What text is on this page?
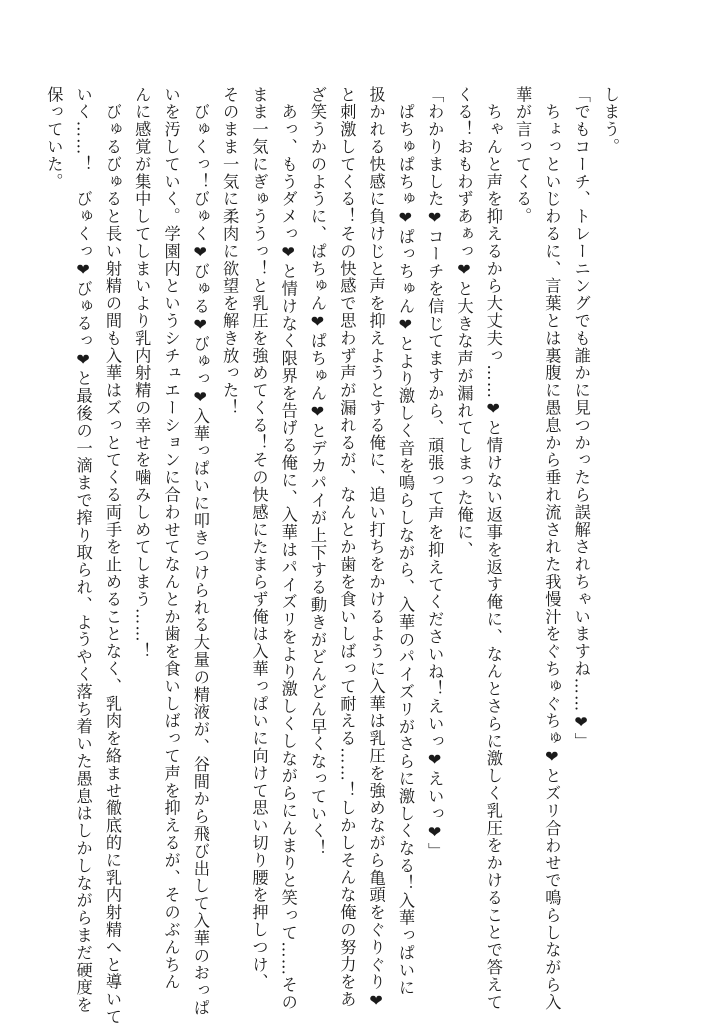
しまう。
「でもコーチ、トレーニングでも誰かに見つかったら誤解されちゃいますね……❤」
　ちょっといじわるに、言葉とは裏腹に愚息から垂れ流された我慢汁をぐちゅぐちゅ❤とズリ合わせで鳴らしながら入
華が言ってくる。
　ちゃんと声を抑えるから大丈夫っ……❤と情けない返事を返す俺に、なんとさらに激しく乳圧をかけることで答えて
くる！おもわずあぁっ❤と大きな声が漏れてしまった俺に、
「わかりました❤コーチを信じてますから、頑張って声を抑えてくださいね！えいっ❤えいっ❤」
　ぱちゅぱちゅ❤ぱっちゅん❤とより激しく音を鳴らしながら、入華のパイズリがさらに激しくなる！入華っぱいに
扱かれる快感に負けじと声を抑えようとする俺に、追い打ちをかけるように入華は乳圧を強めながら亀頭をぐりぐり❤
と刺激してくる！その快感で思わず声が漏れるが、なんとか歯を食いしばって耐える……！しかしそんな俺の努力をあ
ざ笑うかのように、ぱちゅん❤ぱちゅん❤とデカパイが上下する動きがどんどん早くなっていく！
　あっ、もうダメっ❤と情けなく限界を告げる俺に、入華はパイズリをより激しくしながらにんまりと笑って……その
まま一気にぎゅううっ！と乳圧を強めてくる！その快感にたまらず俺は入華っぱいに向けて思い切り腰を押しつけ、
そのまま一気に柔肉に欲望を解き放った！
　びゅくっ！びゅく❤びゅる❤びゅっ❤入華っぱいに叩きつけられる大量の精液が、谷間から飛び出して入華のおっぱ
いを汚していく。学園内というシチュエーションに合わせてなんとか歯を食いしばって声を抑えるが、そのぶんちん
んに感覚が集中してしまいより乳内射精の幸せを噛みしめてしまう……！
　びゅるびゅると長い射精の間も入華はズっとてくる両手を止めることなく、乳肉を絡ませ徹底的に乳内射精へと導いて
いく……！　びゅくっ❤びゅるっ❤と最後の一滴まで搾り取られ、ようやく落ち着いた愚息はしかしながらまだ硬度を
保っていた。
